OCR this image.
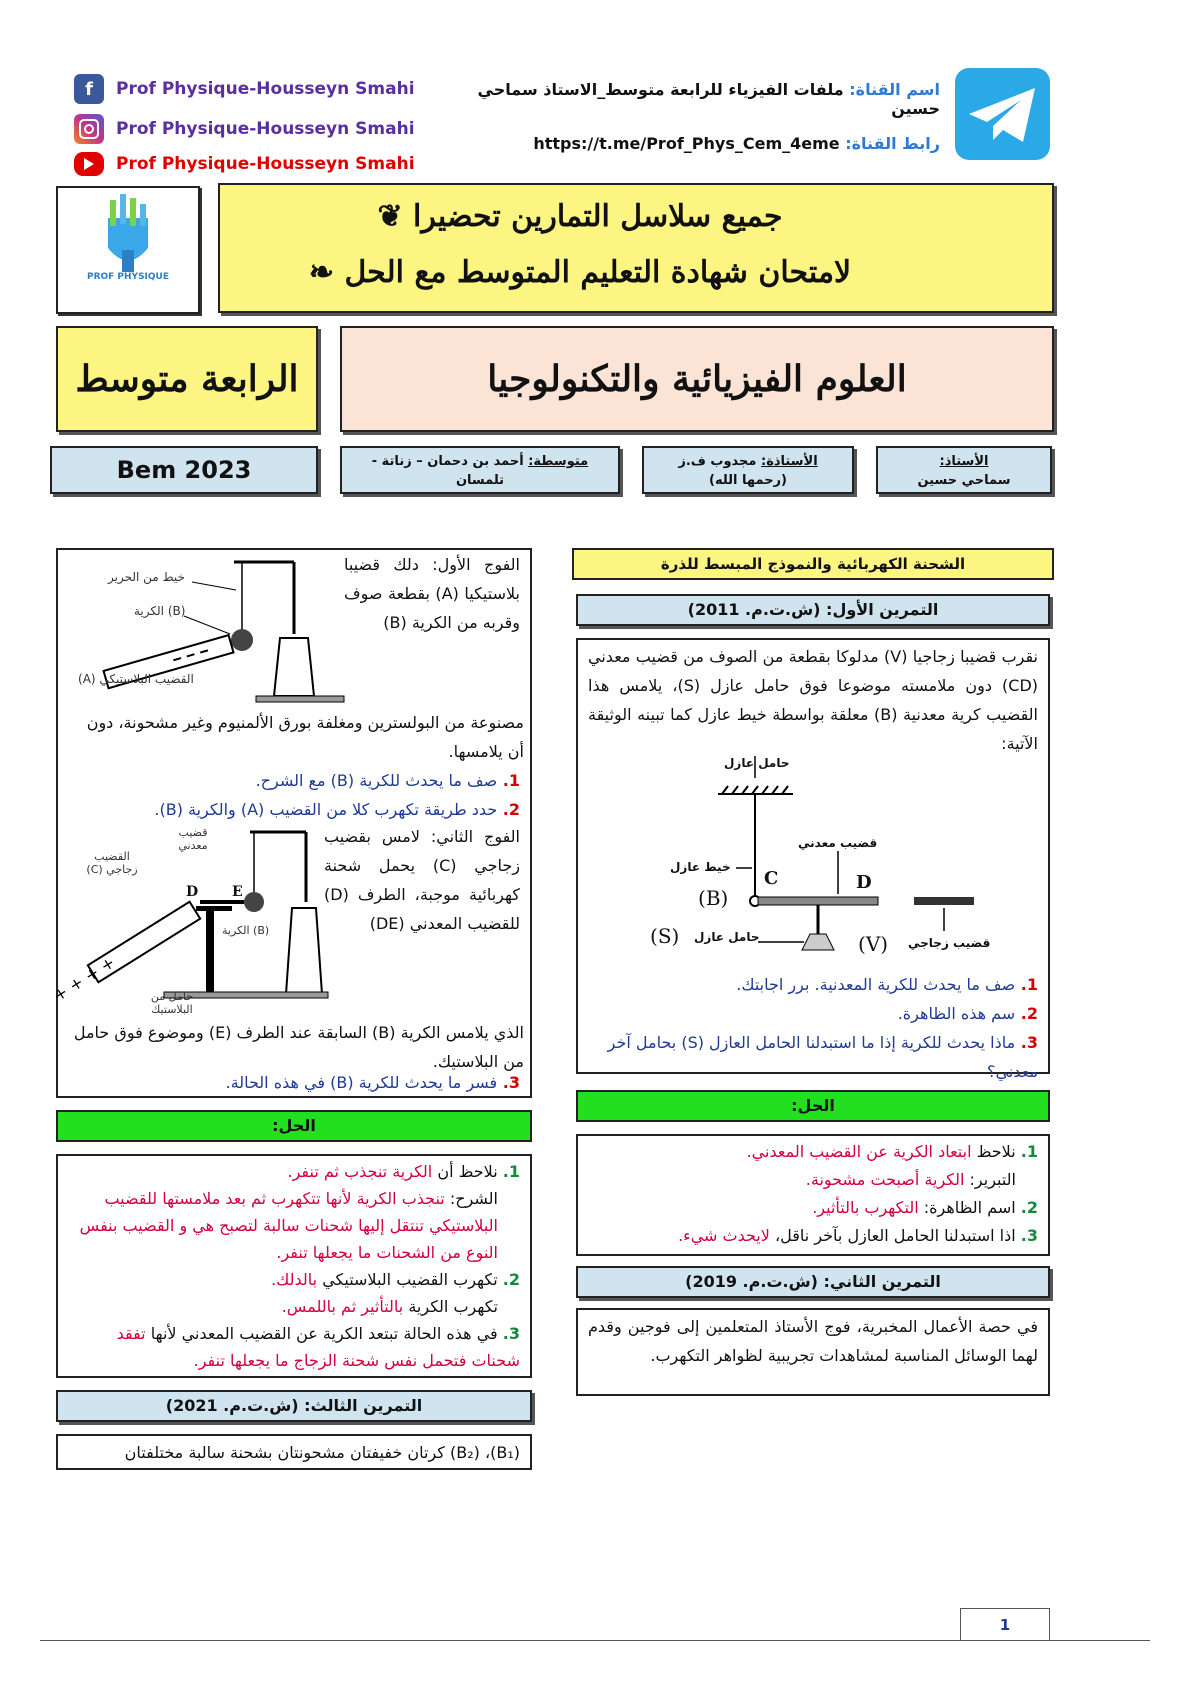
f	Prof Physique-Housseyn Smahi
Prof Physique-Housseyn Smahi
Prof Physique-Housseyn Smahi
اسم القناة: ملفات الفيزياء للرابعة متوسط_الاستاذ سماحي حسين
رابط القناة: https://t.me/Prof_Phys_Cem_4eme
PROF PHYSIQUE
جميع سلاسل التمارين تحضيرا ❦
لامتحان شهادة التعليم المتوسط مع الحل ❧
الرابعة متوسط	العلوم الفيزيائية والتكنولوجيا
Bem 2023	متوسطة: أحمد بن دحمان – زناتة -
تلمسان
الأستاذة: مجدوب ف.ز
(رحمها الله)
الأستاذ:
سماحي حسين
الشحنة الكهربائية والنموذج المبسط للذرة
التمرين الأول: (ش.ت.م. 2011)
نقرب قضيبا زجاجيا (V) مدلوكا بقطعة من الصوف من قضيب معدني (CD) دون ملامسته موضوعا فوق حامل عازل (S)، يلامس هذا القضيب كرية معدنية (B) معلقة بواسطة خيط عازل كما تبينه الوثيقة الآتية:
حامل عازل
خيط عازل
قضيب معدني
C	D
(B)
(S) حامل عازل	(V) قضيب زجاجي
1. صف ما يحدث للكرية المعدنية. برر اجابتك.
2. سم هذه الظاهرة.
3. ماذا يحدث للكرية إذا ما استبدلنا الحامل العازل (S) بحامل آخر معدني؟
الحل:
1. نلاحظ ابتعاد الكرية عن القضيب المعدني.
التبرير: الكرية أصبحت مشحونة.
2. اسم الظاهرة: التكهرب بالتأثير.
3. اذا استبدلنا الحامل العازل بآخر ناقل، لايحدث شيء.
التمرين الثاني: (ش.ت.م. 2019)
في حصة الأعمال المخبرية، فوج الأستاذ المتعلمين إلى فوجين وقدم لهما الوسائل المناسبة لمشاهدات تجريبية لظواهر التكهرب.
الفوج الأول: دلك قضيبا بلاستيكيا (A) بقطعة صوف وقربه من الكرية (B)
خيط من الحرير
(B) الكرية
القضيب البلاستيكي (A)
مصنوعة من البولسترين ومغلفة بورق الألمنيوم وغير مشحونة، دون أن يلامسها.
1. صف ما يحدث للكرية (B) مع الشرح.
2. حدد طريقة تكهرب كلا من القضيب (A) والكرية (B).
الفوج الثاني: لامس بقضيب زجاجي (C) يحمل شحنة كهربائية موجبة، الطرف (D) للقضيب المعدني (DE)
+ + + +
D E
قضيب معدني
القضيب زجاجي (C)
(B) الكرية
حامل من البلاستيك
الذي يلامس الكرية (B) السابقة عند الطرف (E) وموضوع فوق حامل من البلاستيك.
3. فسر ما يحدث للكرية (B) في هذه الحالة.
الحل:
1. نلاحظ أن الكرية تنجذب ثم تنفر.
الشرح: تنجذب الكرية لأنها تتكهرب ثم بعد ملامستها للقضيب البلاستيكي تنتقل إليها شحنات سالبة لتصبح هي و القضيب بنفس النوع من الشحنات ما يجعلها تنفر.
2. تكهرب القضيب البلاستيكي بالدلك.
تكهرب الكرية بالتأثير ثم باللمس.
3. في هذه الحالة تبتعد الكرية عن القضيب المعدني لأنها تفقد شحنات فتحمل نفس شحنة الزجاج ما يجعلها تنفر.
التمرين الثالث: (ش.ت.م. 2021)
(B₁)، (B₂) كرتان خفيفتان مشحونتان بشحنة سالبة مختلفتان
1
